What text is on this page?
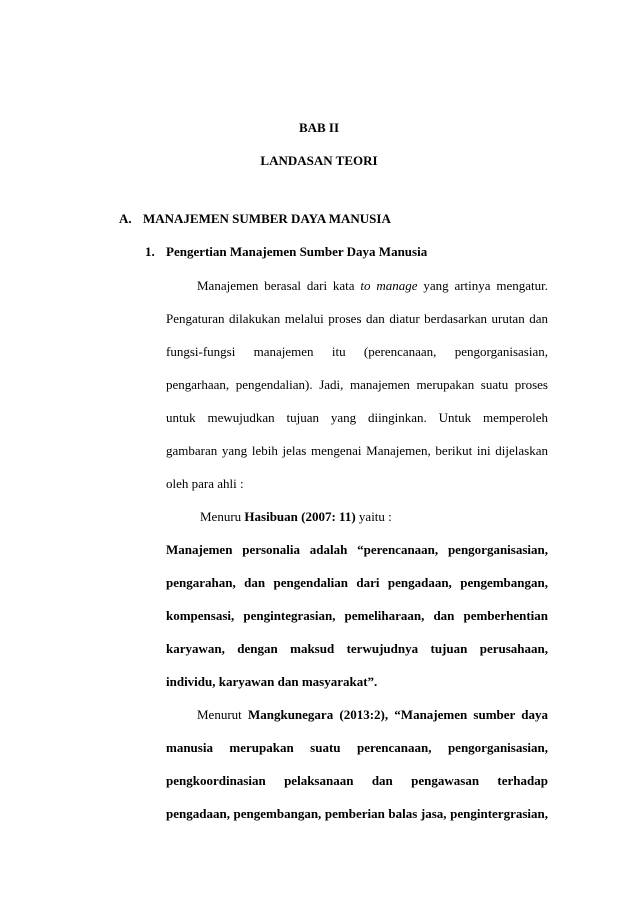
BAB II
LANDASAN TEORI
A. MANAJEMEN SUMBER DAYA MANUSIA
1. Pengertian Manajemen Sumber Daya Manusia
Manajemen berasal dari kata to manage yang artinya mengatur.
Pengaturan dilakukan melalui proses dan diatur berdasarkan urutan dan
fungsi-fungsi manajemen itu (perencanaan, pengorganisasian,
pengarhaan, pengendalian). Jadi, manajemen merupakan suatu proses
untuk mewujudkan tujuan yang diinginkan. Untuk memperoleh
gambaran yang lebih jelas mengenai Manajemen, berikut ini dijelaskan
oleh para ahli :
Menuru Hasibuan (2007: 11) yaitu :
Manajemen personalia adalah “perencanaan, pengorganisasian,
pengarahan, dan pengendalian dari pengadaan, pengembangan,
kompensasi, pengintegrasian, pemeliharaan, dan pemberhentian
karyawan, dengan maksud terwujudnya tujuan perusahaan,
individu, karyawan dan masyarakat”.
Menurut Mangkunegara (2013:2), “Manajemen sumber daya
manusia merupakan suatu perencanaan, pengorganisasian,
pengkoordinasian pelaksanaan dan pengawasan terhadap
pengadaan, pengembangan, pemberian balas jasa, pengintergrasian,
